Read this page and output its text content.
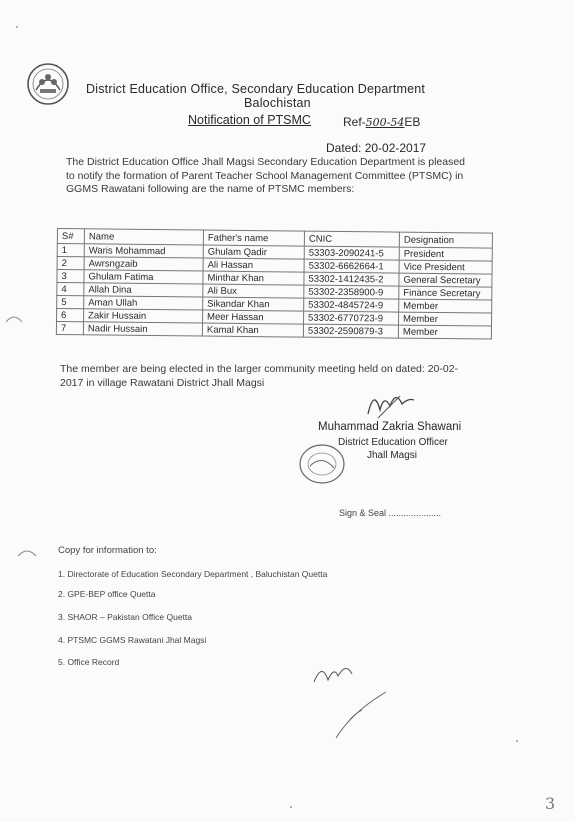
District Education Office, Secondary Education Department
Balochistan
Notification of PTSMC	Ref-500-54EB
Dated: 20-02-2017
The District Education Office Jhall Magsi Secondary Education Department is pleased
to notify the formation of Parent Teacher School Management Committee (PTSMC) in
GGMS Rawatani following are the name of PTSMC members:
S#	Name	Father's name	CNIC	Designation
1	Waris Mohammad	Ghulam Qadir	53303-2090241-5	President
2	Awrsngzaib	Ali Hassan	53302-6662664-1	Vice President
3	Ghulam Fatima	Minthar Khan	53302-1412435-2	General Secretary
4	Allah Dina	Ali Bux	53302-2358900-9	Finance Secretary
5	Aman Ullah	Sikandar Khan	53302-4845724-9	Member
6	Zakir Hussain	Meer Hassan	53302-6770723-9	Member
7	Nadir Hussain	Kamal Khan	53302-2590879-3	Member
The member are being elected in the larger community meeting held on dated: 20-02-
2017 in village Rawatani District Jhall Magsi
Muhammad Zakria Shawani
District Education Officer
Jhall Magsi
Sign & Seal .....................
Copy for information to:
1. Directorate of Education Secondary Department , Baluchistan Quetta
2. GPE-BEP office Quetta
3. SHAOR – Pakistan Office Quetta
4. PTSMC GGMS Rawatani Jhal Magsi
5. Office Record
3
